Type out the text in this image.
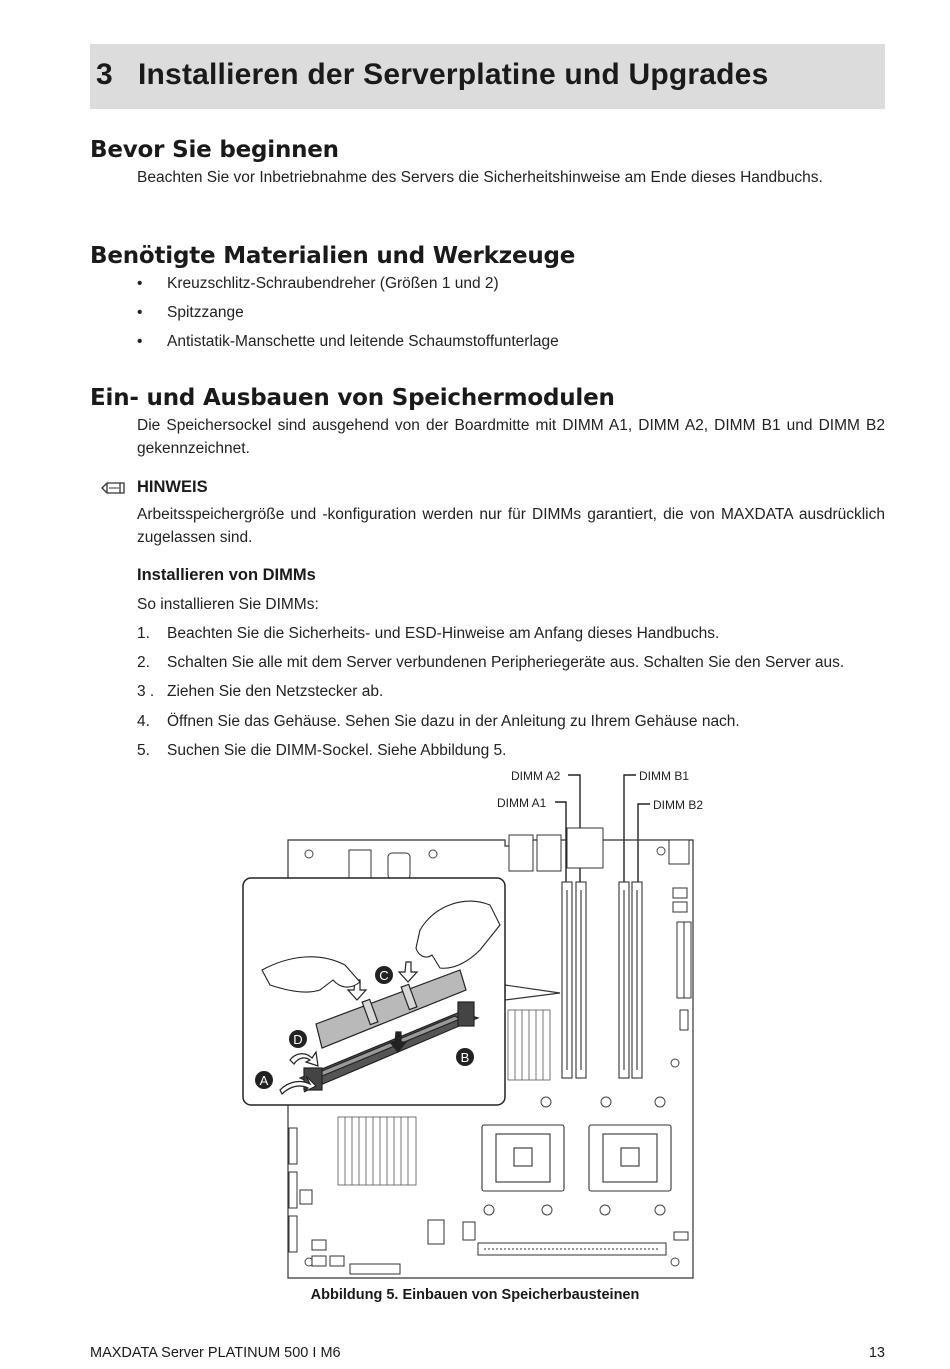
3 Installieren der Serverplatine und Upgrades
Bevor Sie beginnen

Beachten Sie vor Inbetriebnahme des Servers die Sicherheitshinweise am Ende dieses Handbuchs.

Benötigte Materialien und Werkzeuge
• Kreuzschlitz-Schraubendreher (Größen 1 und 2)
• Spitzzange
• Antistatik-Manschette und leitende Schaumstoffunterlage
Ein- und Ausbauen von Speichermodulen

Die Speichersockel sind ausgehend von der Boardmitte mit DIMM A1, DIMM A2, DIMM B1 und DIMM B2 gekennzeichnet.

HINWEIS

Arbeitsspeichergröße und -konfiguration werden nur für DIMMs garantiert, die von MAXDATA ausdrücklich zugelassen sind.

Installieren von DIMMs

So installieren Sie DIMMs:

1. Beachten Sie die Sicherheits- und ESD-Hinweise am Anfang dieses Handbuchs.
2. Schalten Sie alle mit dem Server verbundenen Peripheriegeräte aus. Schalten Sie den Server aus.
3 . Ziehen Sie den Netzstecker ab.
4. Öffnen Sie das Gehäuse. Sehen Sie dazu in der Anleitung zu Ihrem Gehäuse nach.
5. Suchen Sie die DIMM-Sockel. Siehe Abbildung 5.
DIMM A2
DIMM A1
DIMM B1
DIMM B2
C
D
B
A
Abbildung 5. Einbauen von Speicherbausteinen
MAXDATA Server PLATINUM 500 I M6	13
